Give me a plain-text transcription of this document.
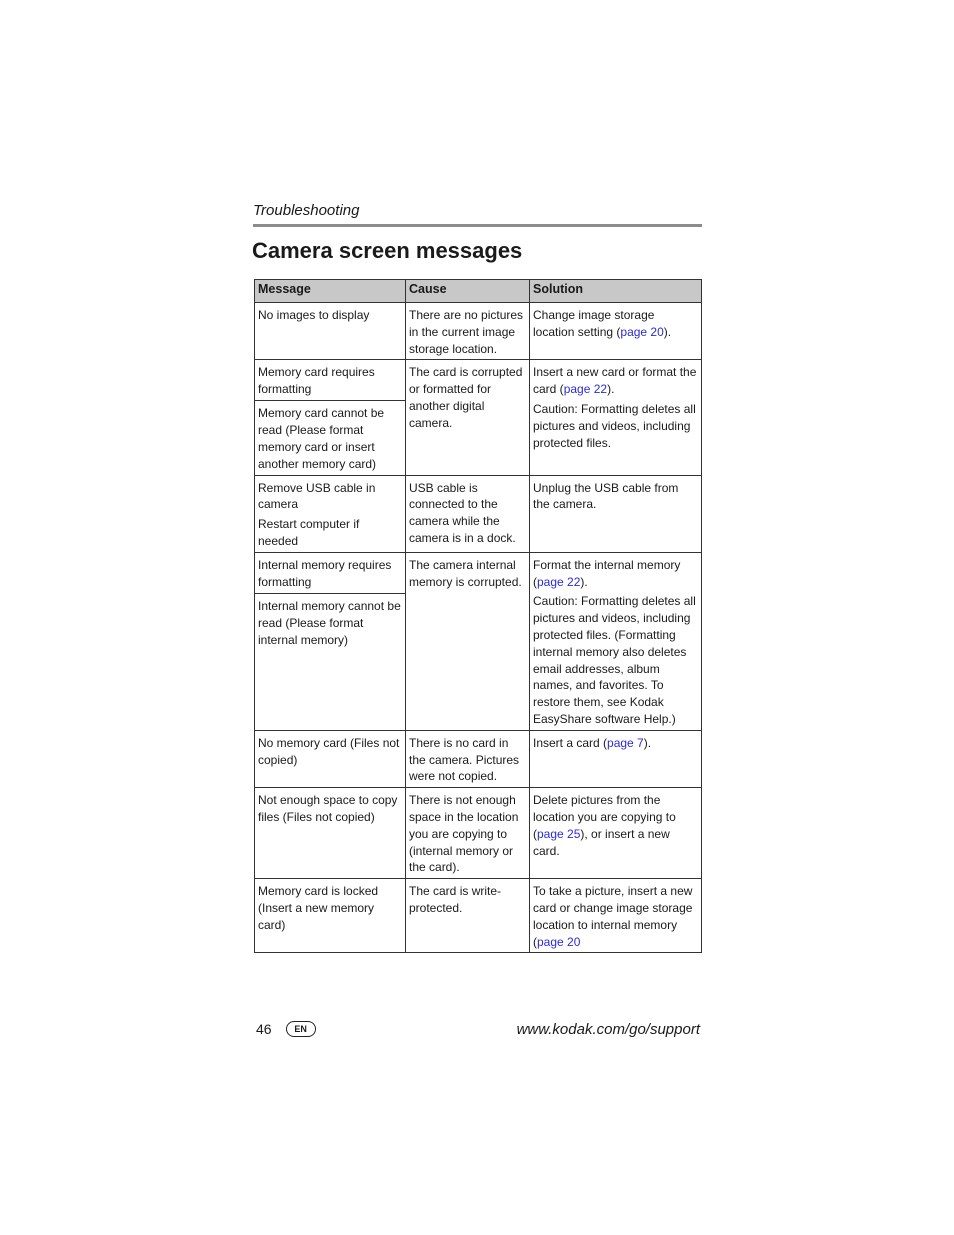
Troubleshooting
Camera screen messages
Message	Cause	Solution
No images to display	There are no pictures in the current image storage location.	Change image storage location setting (page 20).

Memory card requires formatting	The card is corrupted or formatted for another digital camera.	Insert a new card or format the card (page 22).
Caution: Formatting deletes all pictures and videos, including protected files.

Memory card cannot be read (Please format memory card or insert another memory card)		

Remove USB cable in camera
Restart computer if needed	USB cable is connected to the camera while the camera is in a dock.	Unplug the USB cable from the camera.

Internal memory requires formatting	The camera internal memory is corrupted.	Format the internal memory (page 22).
Caution: Formatting deletes all pictures and videos, including protected files. (Formatting internal memory also deletes email addresses, album names, and favorites. To restore them, see Kodak EasyShare software Help.)

Internal memory cannot be read (Please format internal memory)		
No memory card (Files not copied)	There is no card in the camera. Pictures were not copied.	Insert a card (page 7).

Not enough space to copy files (Files not copied)	There is not enough space in the location you are copying to (internal memory or the card).	Delete pictures from the location you are copying to (page 25), or insert a new card.

Memory card is locked (Insert a new memory card)	The card is write-protected.	To take a picture, insert a new card or change image storage location to internal memory (page 20
46	EN	www.kodak.com/go/support
